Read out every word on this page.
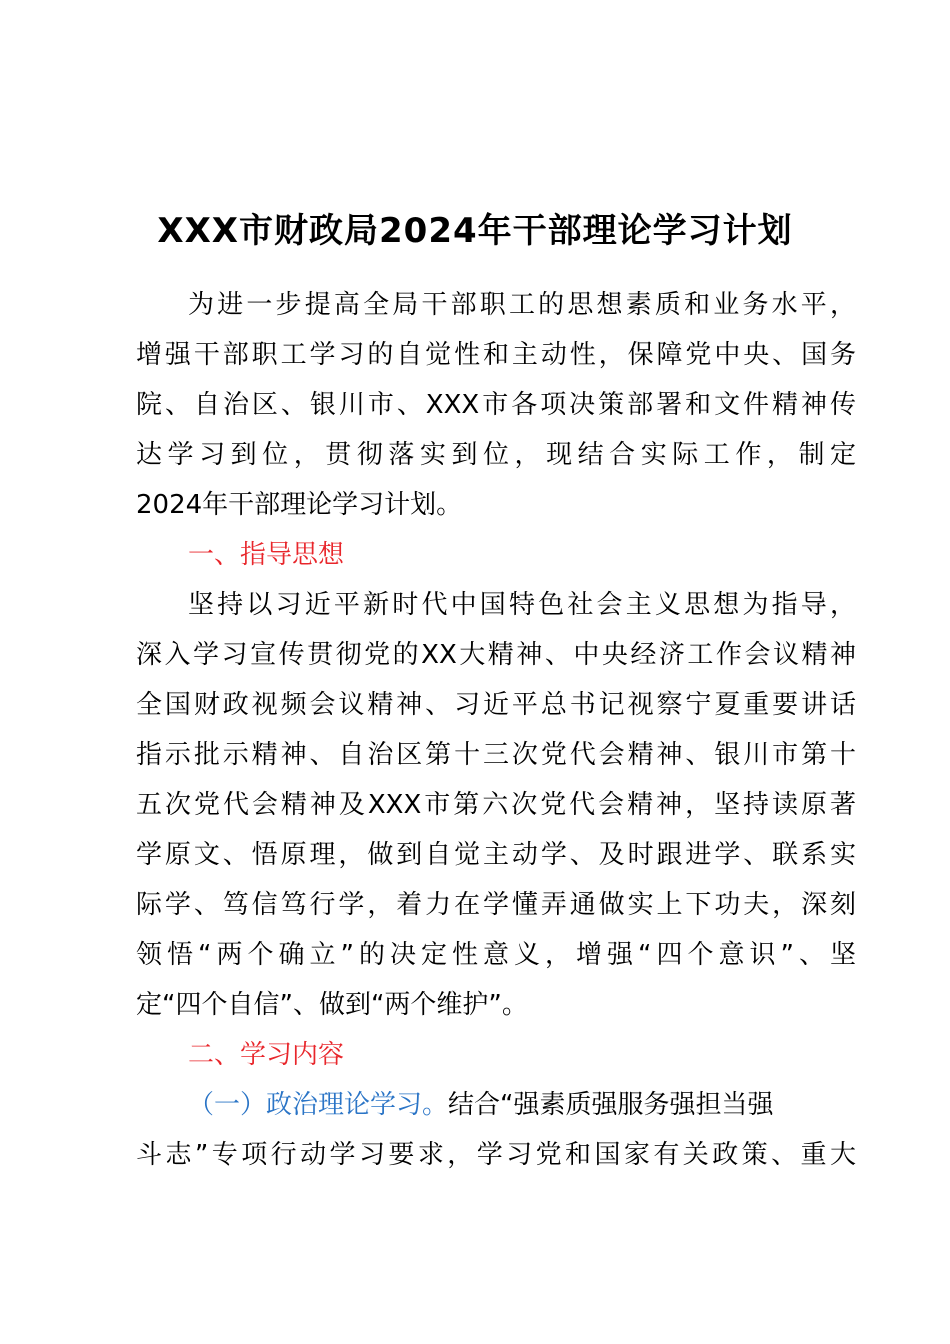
XXX市财政局2024年干部理论学习计划

为进一步提高全局干部职工的思想素质和业务水平，

增强干部职工学习的自觉性和主动性，保障党中央、国务

院、自治区、银川市、XXX市各项决策部署和文件精神传

达学习到位，贯彻落实到位，现结合实际工作，制定

2024年干部理论学习计划。

一、指导思想

坚持以习近平新时代中国特色社会主义思想为指导，

深入学习宣传贯彻党的XX大精神、中央经济工作会议精神

全国财政视频会议精神、习近平总书记视察宁夏重要讲话

指示批示精神、自治区第十三次党代会精神、银川市第十

五次党代会精神及XXX市第六次党代会精神，坚持读原著

学原文、悟原理，做到自觉主动学、及时跟进学、联系实

际学、笃信笃行学，着力在学懂弄通做实上下功夫，深刻

领悟“两个确立”的决定性意义，增强“四个意识”、坚

定“四个自信”、做到“两个维护”。

二、学习内容

（一）政治理论学习。结合“强素质强服务强担当强

斗志”专项行动学习要求，学习党和国家有关政策、重大
